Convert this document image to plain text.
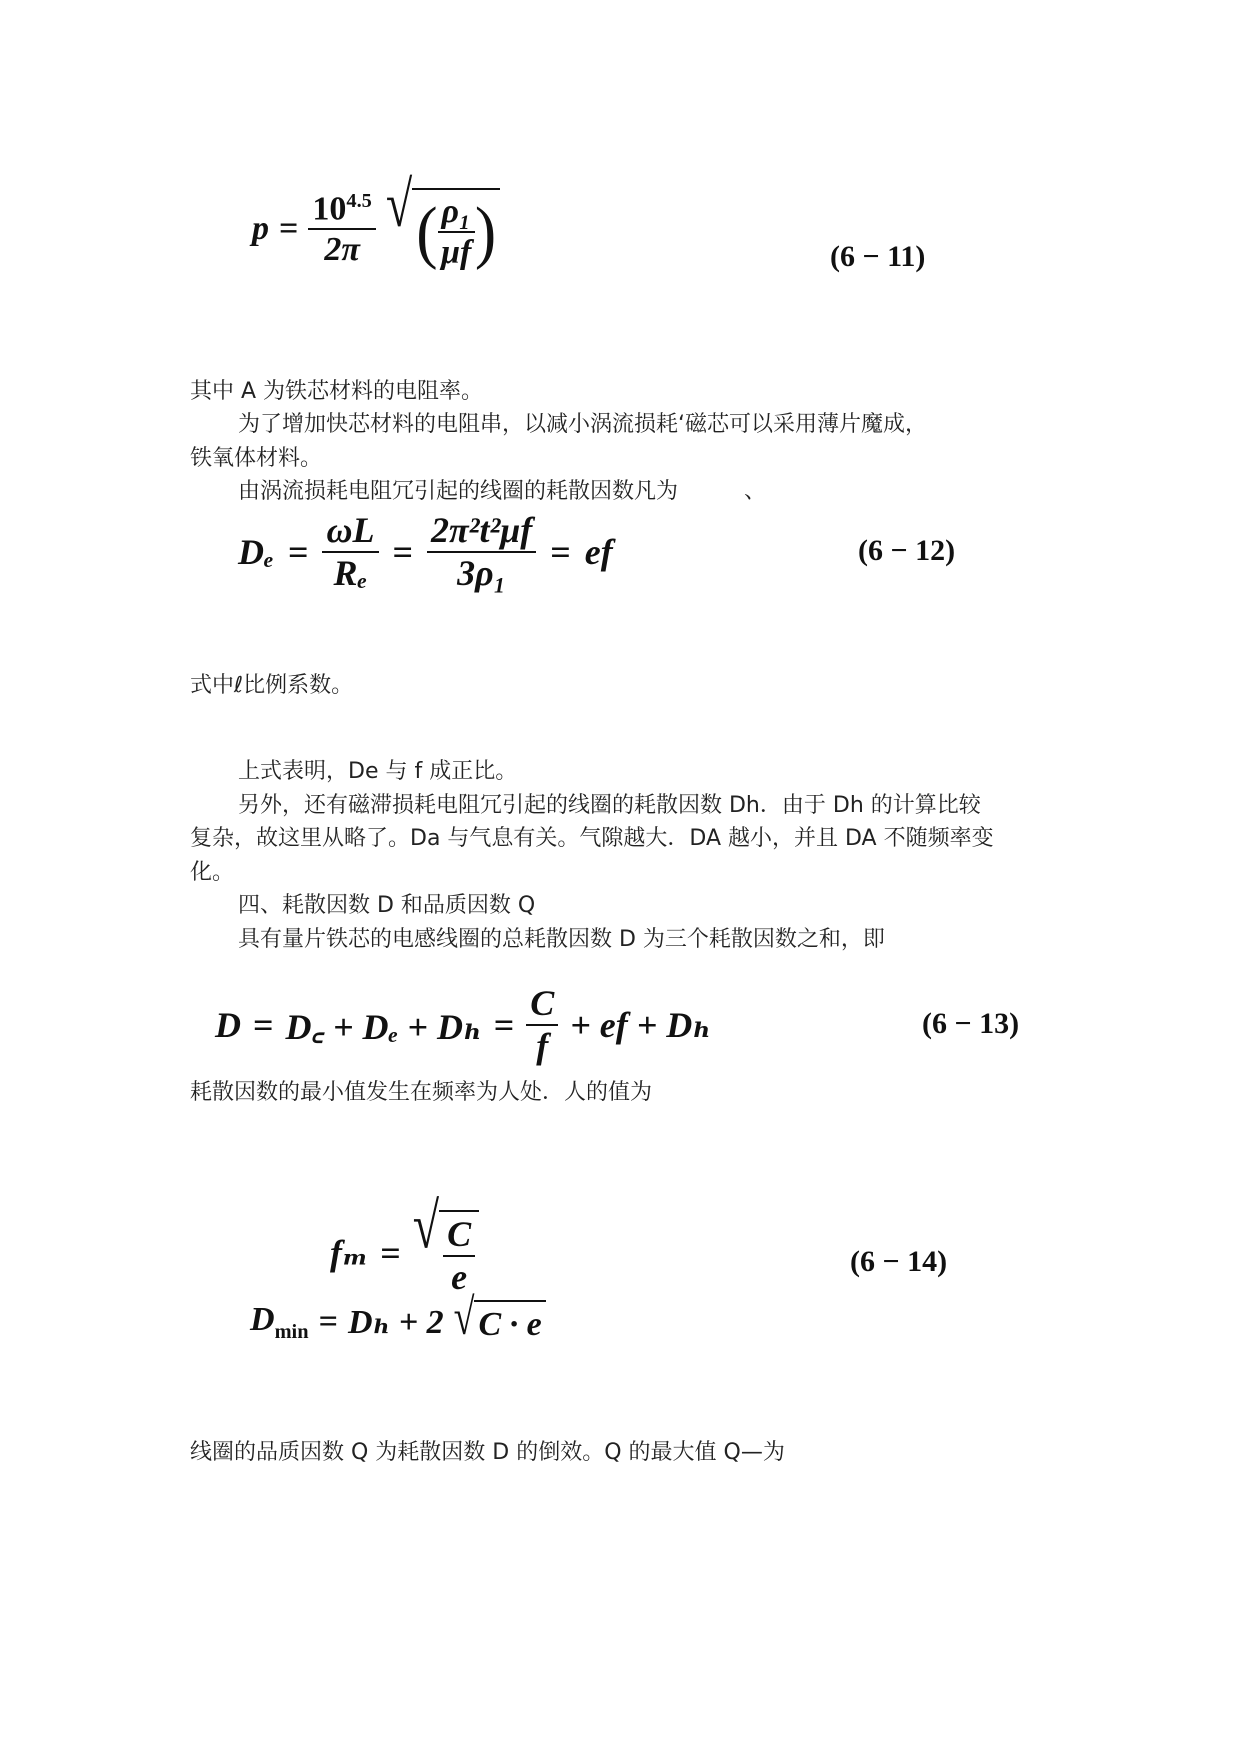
$p = \frac{10^{4.5}}{2\pi}$ √ ( $\frac{\text{ρ₁}}{\mu f}$ )	(6 − 11)
其中 A 为铁芯材料的电阻率。
为了增加快芯材料的电阻串，以减小涡流损耗‘磁芯可以采用薄片魔成，
铁氧体材料。
由涡流损耗电阻冗引起的线圈的耗散因数凡为　　　、
$D_e = \frac{\omega L}{\text{Rₑ}} = \frac{\text{2π²t²μf}}{\text{3ρ₁}}$ = ef	(6 − 12)
式中ℓ比例系数。
上式表明，De 与 f 成正比。
另外，还有磁滞损耗电阻冗引起的线圈的耗散因数 Dh．由于 Dh 的计算比较
复杂，故这里从略了。Da 与气息有关。气隙越大．DA 越小，并且 DA 不随频率变
化。
四、耗散因数 D 和品质因数 Q
具有量片铁芯的电感线圈的总耗散因数 D 为三个耗散因数之和，即
D = D꜀ + $D_e + D_h = \frac{C}{f}$ + ef + Dₕ	(6 − 13)
耗散因数的最小值发生在频率为人处．人的值为
fₘ = √ $\frac{C}{e}$	(6 − 14)
$D_{min} = D_h + 2$ √ C · e
线圈的品质因数 Q 为耗散因数 D 的倒效。Q 的最大值 Q—为
